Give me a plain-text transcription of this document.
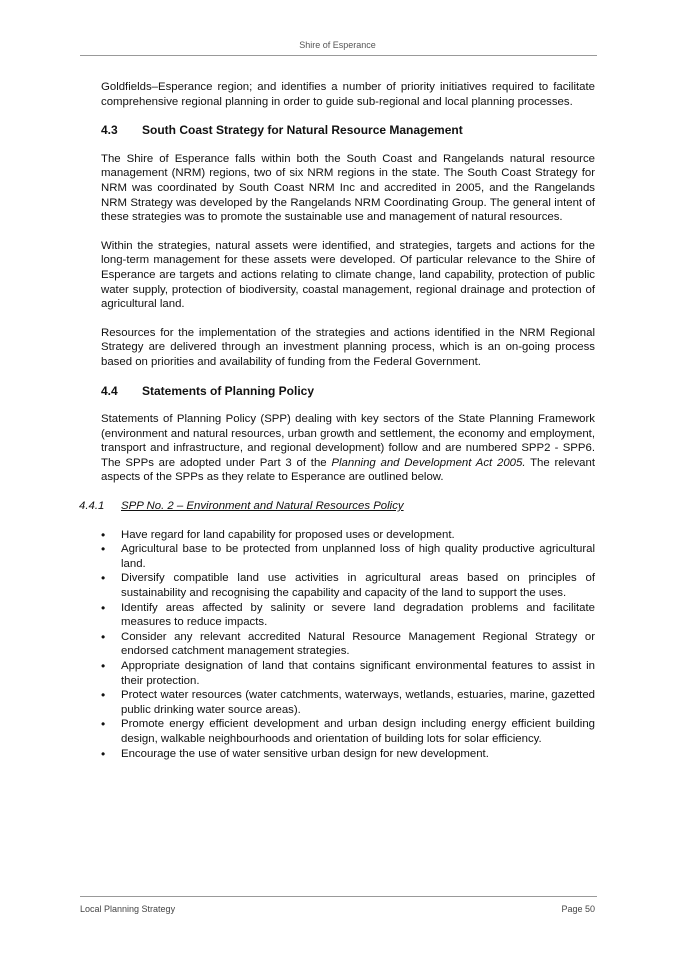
Shire of Esperance

Goldfields–Esperance region; and identifies a number of priority initiatives required to facilitate comprehensive regional planning in order to guide sub-regional and local planning processes.

4.3 South Coast Strategy for Natural Resource Management

The Shire of Esperance falls within both the South Coast and Rangelands natural resource management (NRM) regions, two of six NRM regions in the state. The South Coast Strategy for NRM was coordinated by South Coast NRM Inc and accredited in 2005, and the Rangelands NRM Strategy was developed by the Rangelands NRM Coordinating Group. The general intent of these strategies was to promote the sustainable use and management of natural resources.

Within the strategies, natural assets were identified, and strategies, targets and actions for the long-term management for these assets were developed. Of particular relevance to the Shire of Esperance are targets and actions relating to climate change, land capability, protection of public water supply, protection of biodiversity, coastal management, regional drainage and protection of agricultural land.

Resources for the implementation of the strategies and actions identified in the NRM Regional Strategy are delivered through an investment planning process, which is an on-going process based on priorities and availability of funding from the Federal Government.

4.4 Statements of Planning Policy

Statements of Planning Policy (SPP) dealing with key sectors of the State Planning Framework (environment and natural resources, urban growth and settlement, the economy and employment, transport and infrastructure, and regional development) follow and are numbered SPP2 - SPP6. The SPPs are adopted under Part 3 of the Planning and Development Act 2005. The relevant aspects of the SPPs as they relate to Esperance are outlined below.

4.4.1 SPP No. 2 – Environment and Natural Resources Policy
• Have regard for land capability for proposed uses or development.
• Agricultural base to be protected from unplanned loss of high quality productive agricultural land.
• Diversify compatible land use activities in agricultural areas based on principles of sustainability and recognising the capability and capacity of the land to support the uses.
• Identify areas affected by salinity or severe land degradation problems and facilitate measures to reduce impacts.
• Consider any relevant accredited Natural Resource Management Regional Strategy or endorsed catchment management strategies.
• Appropriate designation of land that contains significant environmental features to assist in their protection.
• Protect water resources (water catchments, waterways, wetlands, estuaries, marine, gazetted public drinking water source areas).
• Promote energy efficient development and urban design including energy efficient building design, walkable neighbourhoods and orientation of building lots for solar efficiency.
• Encourage the use of water sensitive urban design for new development.
Local Planning Strategy	Page 50
